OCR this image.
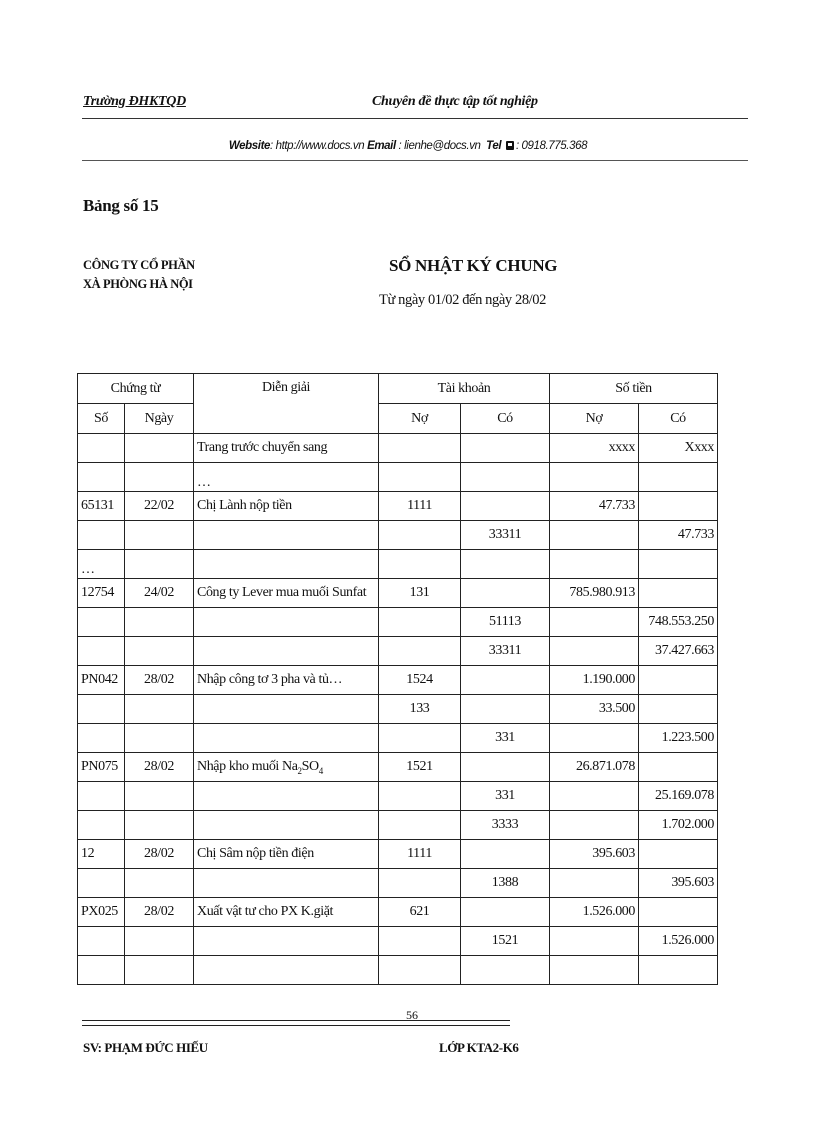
Trường ĐHKTQD	Chuyên đề thực tập tốt nghiệp
Website: http://www.docs.vn Email : lienhe@docs.vn Tel : 0918.775.368
Bảng số 15
CÔNG TY CỔ PHẦN
XÀ PHÒNG HÀ NỘI
SỔ NHẬT KÝ CHUNG
Từ ngày 01/02 đến ngày 28/02
Chứng từ		Diễn giải	Tài khoản		Số tiền	
Số	Ngày		Nợ	Có	Nợ	Có
		Trang trước chuyển sang			xxxx	Xxxx
		…				
65131	22/02	Chị Lành nộp tiền	1111		47.733	
				33311		47.733
…						
12754	24/02	Công ty Lever mua muối Sunfat	131		785.980.913	
				51113		748.553.250
				33311		37.427.663
PN042	28/02	Nhập công tơ 3 pha và tủ…	1524		1.190.000	
			133		33.500	
				331		1.223.500
PN075	28/02	Nhập kho muối $Na_2SO_4$	1521		26.871.078	
				331		25.169.078
				3333		1.702.000
12	28/02	Chị Sâm nộp tiền điện	1111		395.603	
				1388		395.603
PX025	28/02	Xuất vật tư cho PX K.giặt	621		1.526.000	
				1521		1.526.000

56
SV: PHẠM ĐỨC HIẾU	LỚP KTA2-K6
